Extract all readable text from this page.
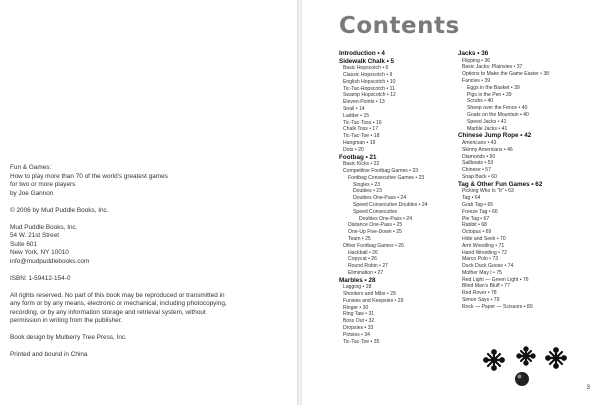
Fun & Games:
How to play more than 70 of the world's greatest games
for two or more players
by Joe Gannon

© 2006 by Mud Puddle Books, Inc.

Mud Puddle Books, Inc.
54 W. 21st Street
Suite 601
New York, NY 10010
info@mudpuddlebooks.com

ISBN: 1-59412-154-0

All rights reserved. No part of this book may be reproduced or transmitted in
any form or by any means, electronic or mechanical, including photocopying,
recording, or by any information storage and retrieval system, without
permission in writing from the publisher.

Book design by Mulberry Tree Press, Inc.

Printed and bound in China

Contents
Introduction • 4
Sidewalk Chalk • 5
Basic Hopscotch • 6
Classic Hopscotch • 9
English Hopscotch • 10
Tic-Tac-Hopscotch • 11
Swamp Hopscotch • 12
Eleven-Points • 13
Snail • 14
Ladder • 15
Tic-Tac-Toss • 16
Chalk Toss • 17
Tic-Tac-Toe • 18
Hangman • 19
Dots • 20
Footbag • 21
Basic Kicks • 22
Competitive Footbag Games • 23
Footbag Consecutive Games • 23
Singles • 23
Doubles • 23
Doubles One-Pass • 24
Speed Consecutive Doubles • 24
Speed Consecutive
Doubles One-Pass • 24
Distance One-Pass • 25
One-Up Five-Down • 25
Team • 25
Other Footbag Games • 26
Hackball • 26
Copycat • 26
Round Robin • 27
Elimination • 27
Marbles • 28
Lagging • 28
Shooters and Mibs • 29
Funsies and Keepsies • 29
Ringer • 30
Ring Taw • 31
Boss Out • 32
Dropsies • 33
Potsies • 34
Tic-Tac-Toe • 35
Jacks • 36
Flipping • 36
Basic Jacks: Plainsies • 37
Options to Make the Game Easier • 38
Fancies • 39
Eggs in the Basket • 39
Pigs in the Pen • 39
Scrubs • 40
Sheep over the Fence • 40
Goats on the Mountain • 40
Speed Jacks • 41
Marble Jacks • 41
Chinese Jump Rope • 42
Americans • 43
Skinny Americans • 46
Diamonds • 50
Sailboats • 53
Chinese • 57
Snap Back • 60
Tag & Other Fun Games • 62
Picking Who Is "It" • 63
Tag • 64
Grab Tag • 65
Freeze Tag • 66
Pie Tag • 67
Rabbit • 68
Octopus • 69
Hide and Seek • 70
Arm Wrestling • 71
Hand Wrestling • 72
Marco Polo • 73
Duck Duck Goose • 74
Mother May I • 75
Red Light — Green Light • 76
Blind Man's Bluff • 77
Red Rover • 78
Simon Says • 79
Rock — Paper — Scissors • 80
3
